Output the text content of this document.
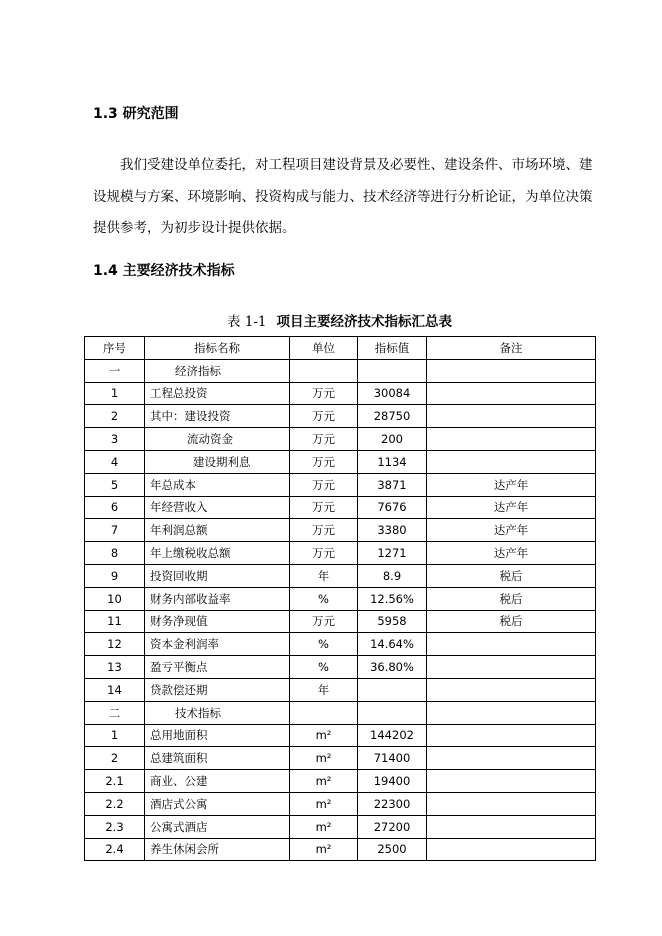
1.3 研究范围

我们受建设单位委托，对工程项目建设背景及必要性、建设条件、市场环境、建设规模与方案、环境影响、投资构成与能力、技术经济等进行分析论证，为单位决策提供参考，为初步设计提供依据。

1.4 主要经济技术指标
表 1-1 项目主要经济技术指标汇总表
序号	指标名称	单位	指标值	备注
一	经济指标			
1	工程总投资	万元	30084	
2	其中：建设投资	万元	28750	
3	流动资金	万元	200	
4	建设期利息	万元	1134	
5	年总成本	万元	3871	达产年
6	年经营收入	万元	7676	达产年
7	年利润总额	万元	3380	达产年
8	年上缴税收总额	万元	1271	达产年
9	投资回收期	年	8.9	税后
10	财务内部收益率	%	12.56%	税后
11	财务净现值	万元	5958	税后
12	资本金利润率	%	14.64%	
13	盈亏平衡点	%	36.80%	
14	贷款偿还期	年		
二	技术指标			
1	总用地面积	m²	144202	
2	总建筑面积	m²	71400	
2.1	商业、公建	m²	19400	
2.2	酒店式公寓	m²	22300	
2.3	公寓式酒店	m²	27200	
2.4	养生休闲会所	m²	2500	
